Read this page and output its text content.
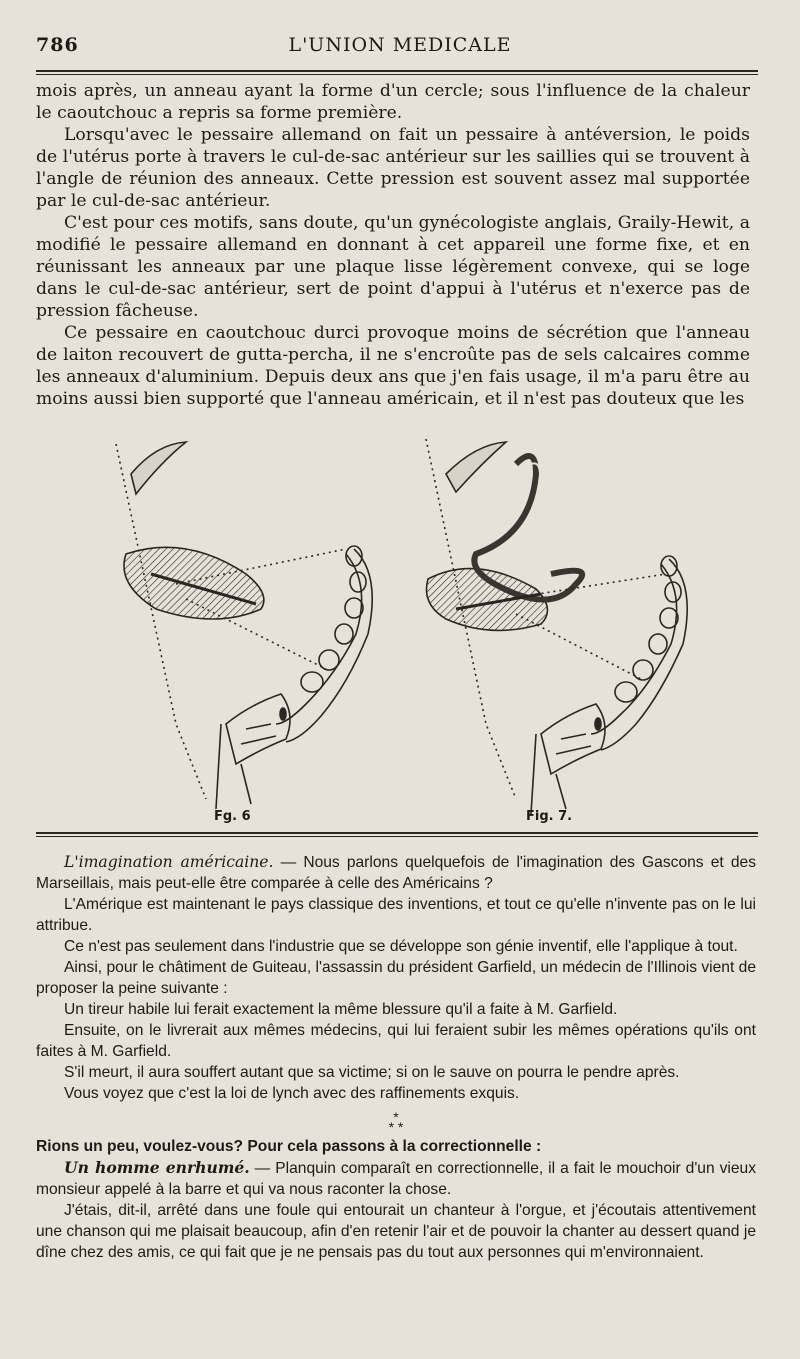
786	L'UNION MEDICALE

mois après, un anneau ayant la forme d'un cercle; sous l'influence de la chaleur le caoutchouc a repris sa forme première.

Lorsqu'avec le pessaire allemand on fait un pessaire à antéversion, le poids de l'utérus porte à travers le cul-de-sac antérieur sur les saillies qui se trouvent à l'angle de réunion des anneaux. Cette pression est souvent assez mal supportée par le cul-de-sac antérieur.

C'est pour ces motifs, sans doute, qu'un gynécologiste anglais, Graily-Hewit, a modifié le pessaire allemand en donnant à cet appareil une forme fixe, et en réunissant les anneaux par une plaque lisse légèrement convexe, qui se loge dans le cul-de-sac antérieur, sert de point d'appui à l'utérus et n'exerce pas de pression fâcheuse.

Ce pessaire en caoutchouc durci provoque moins de sécrétion que l'anneau de laiton recouvert de gutta-percha, il ne s'encroûte pas de sels calcaires comme les anneaux d'aluminium. Depuis deux ans que j'en fais usage, il m'a paru être au moins aussi bien supporté que l'anneau américain, et il n'est pas douteux que les

Fg. 6	Fig. 7.

L'imagination américaine. — Nous parlons quelquefois de l'imagination des Gascons et des Marseillais, mais peut-elle être comparée à celle des Américains ?

L'Amérique est maintenant le pays classique des inventions, et tout ce qu'elle n'invente pas on le lui attribue.

Ce n'est pas seulement dans l'industrie que se développe son génie inventif, elle l'applique à tout.

Ainsi, pour le châtiment de Guiteau, l'assassin du président Garfield, un médecin de l'Illinois vient de proposer la peine suivante :

Un tireur habile lui ferait exactement la même blessure qu'il a faite à M. Garfield.

Ensuite, on le livrerait aux mêmes médecins, qui lui feraient subir les mêmes opérations qu'ils ont faites à M. Garfield.

S'il meurt, il aura souffert autant que sa victime; si on le sauve on pourra le pendre après.

Vous voyez que c'est la loi de lynch avec des raffinements exquis.

*
* *

Rions un peu, voulez-vous? Pour cela passons à la correctionnelle :

Un homme enrhumé. — Planquin comparaît en correctionnelle, il a fait le mouchoir d'un vieux monsieur appelé à la barre et qui va nous raconter la chose.

J'étais, dit-il, arrêté dans une foule qui entourait un chanteur à l'orgue, et j'écoutais attentivement une chanson qui me plaisait beaucoup, afin d'en retenir l'air et de pouvoir la chanter au dessert quand je dîne chez des amis, ce qui fait que je ne pensais pas du tout aux personnes qui m'environnaient.
